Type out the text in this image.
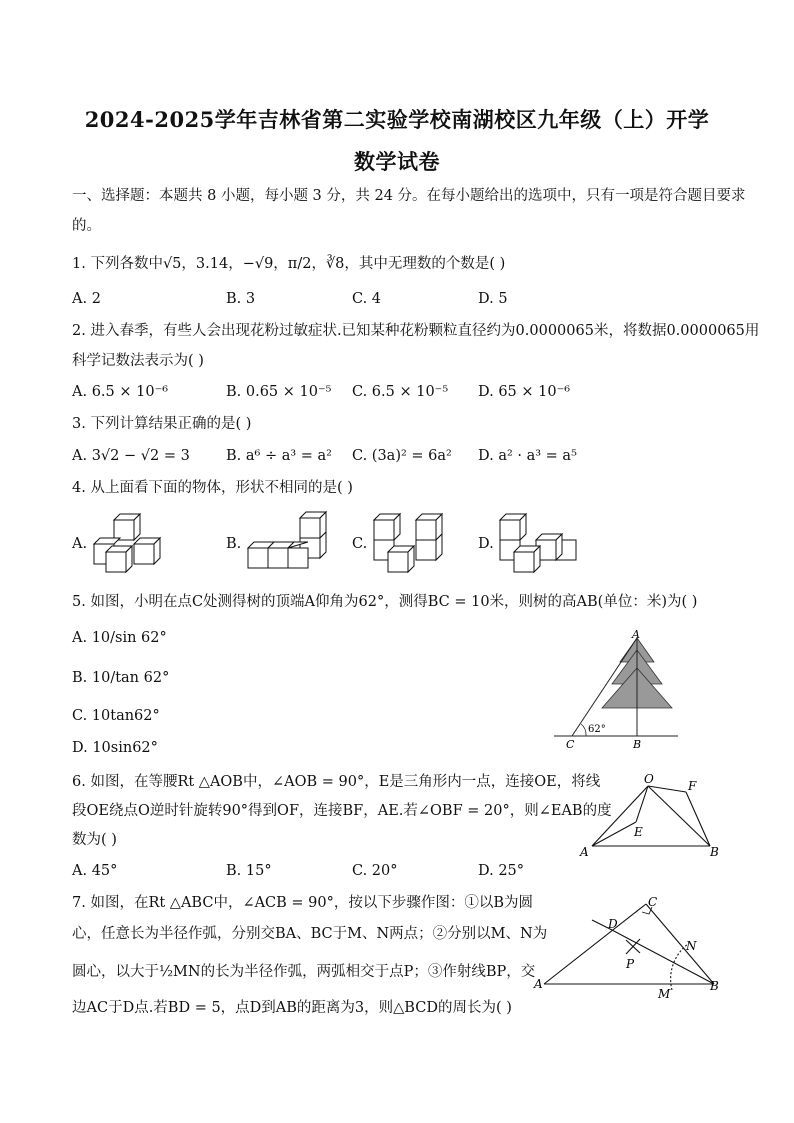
2024-2025学年吉林省第二实验学校南湖校区九年级（上）开学
数学试卷
一、选择题：本题共 8 小题，每小题 3 分，共 24 分。在每小题给出的选项中，只有一项是符合题目要求
的。
1. 下列各数中√5，3.14，−√9，π/2，∛8，其中无理数的个数是( )
A. 2	B. 3	C. 4	D. 5
2. 进入春季，有些人会出现花粉过敏症状.已知某种花粉颗粒直径约为0.0000065米，将数据0.0000065用
科学记数法表示为( )
A. 6.5 × 10⁻⁶	B. 0.65 × 10⁻⁵ C. 6.5 × 10⁻⁵ D. 65 × 10⁻⁶
3. 下列计算结果正确的是( )
A. 3√2 − √2 = 3 B. a⁶ ÷ a³ = a² C. (3a)² = 6a² D. a² · a³ = a⁵
4. 从上面看下面的物体，形状不相同的是( )
A.	B.	C.	D.
5. 如图，小明在点C处测得树的顶端A仰角为62°，测得BC = 10米，则树的高AB(单位：米)为( )
A. 10/sin 62°
B. 10/tan 62°
C. 10tan62°
D. 10sin62°
A
C	B
62°
6. 如图，在等腰Rt △AOB中，∠AOB = 90°，E是三角形内一点，连接OE，将线
段OE绕点O逆时针旋转90°得到OF，连接BF，AE.若∠OBF = 20°，则∠EAB的度
数为( )
A. 45°	B. 15°	C. 20°	D. 25°
O	F
E
A	B
7. 如图，在Rt △ABC中，∠ACB = 90°，按以下步骤作图：①以B为圆
心，任意长为半径作弧，分别交BA、BC于M、N两点；②分别以M、N为
圆心，以大于½MN的长为半径作弧，两弧相交于点P；③作射线BP，交
边AC于D点.若BD = 5，点D到AB的距离为3，则△BCD的周长为( )
C
D
N
P
A
M
B
